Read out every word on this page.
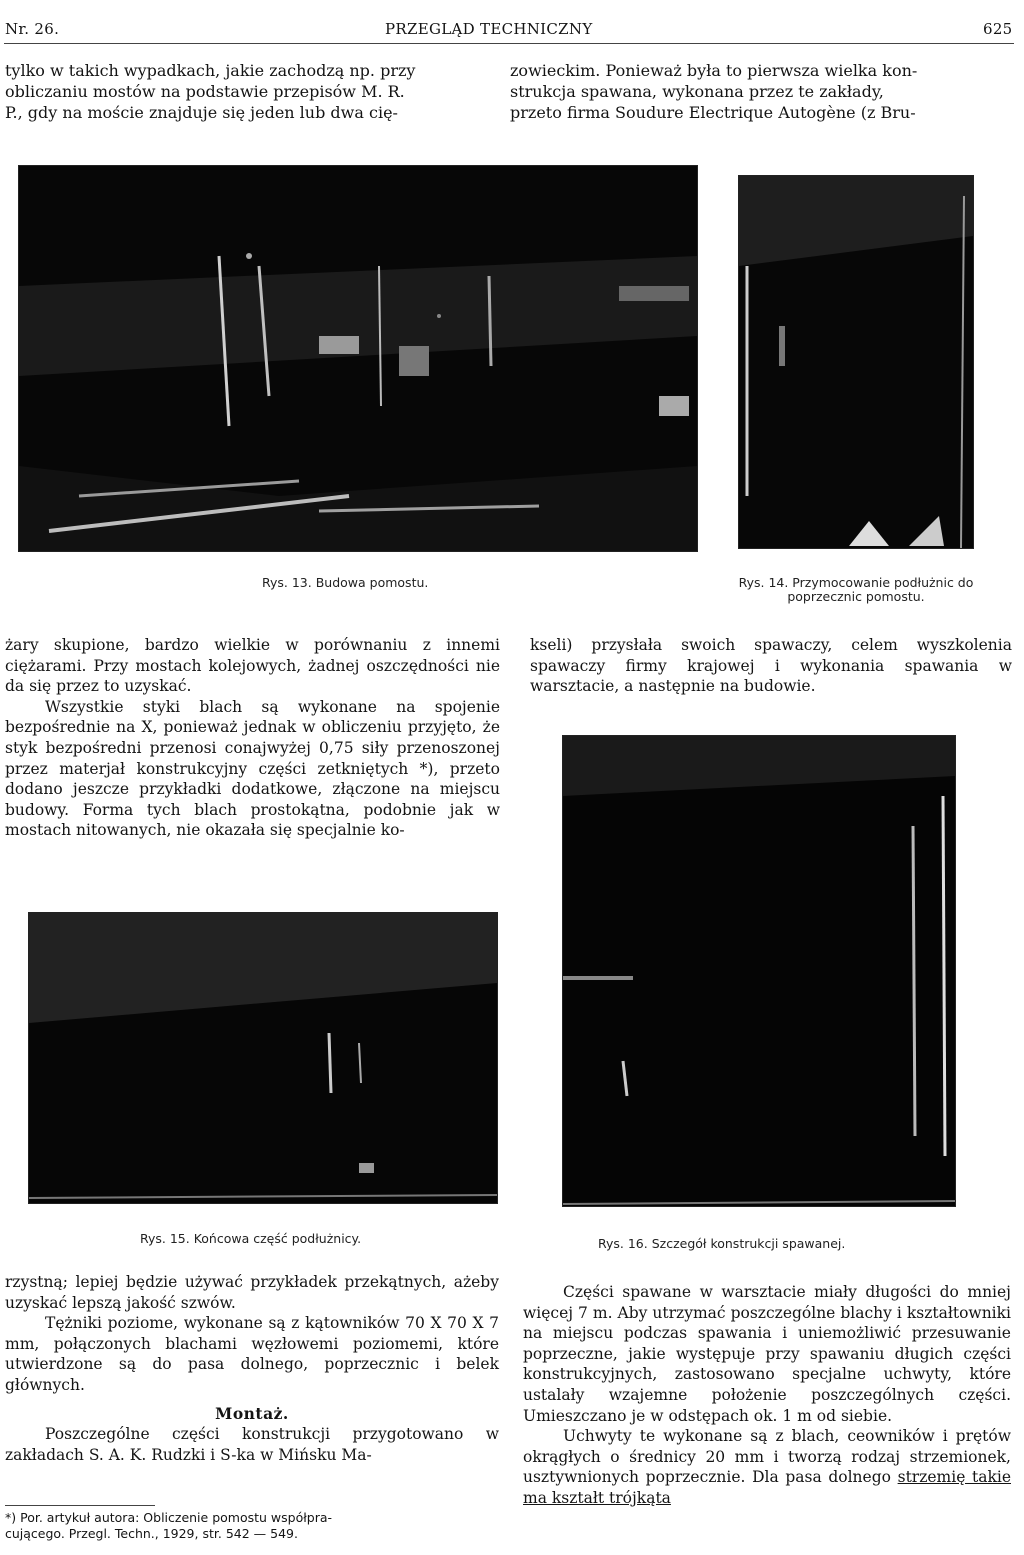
Nr. 26.	PRZEGLĄD TECHNICZNY	625
tylko w takich wypadkach, jakie zachodzą np. przy
obliczaniu mostów na podstawie przepisów M. R.
P., gdy na moście znajduje się jeden lub dwa cię-
zowieckim. Ponieważ była to pierwsza wielka kon-
strukcja spawana, wykonana przez te zakłady,
przeto firma Soudure Electrique Autogène (z Bru-
Rys. 13. Budowa pomostu.	Rys. 14. Przymocowanie podłużnic do poprzecznic pomostu.

żary skupione, bardzo wielkie w porównaniu z innemi ciężarami. Przy mostach kolejowych, żadnej oszczędności nie da się przez to uzyskać.

Wszystkie styki blach są wykonane na spojenie bezpośrednie na X, ponieważ jednak w obliczeniu przyjęto, że styk bezpośredni przenosi conajwyżej 0,75 siły przenoszonej przez materjał konstrukcyjny części zetkniętych *), przeto dodano jeszcze przykładki dodatkowe, złączone na miejscu budowy. Forma tych blach prostokątna, podobnie jak w mostach nitowanych, nie okazała się specjalnie ko-

kseli) przysłała swoich spawaczy, celem wyszkolenia spawaczy firmy krajowej i wykonania spawania w warsztacie, a następnie na budowie.

Rys. 15. Końcowa część podłużnicy.	Rys. 16. Szczegół konstrukcji spawanej.

rzystną; lepiej będzie używać przykładek przekątnych, ażeby uzyskać lepszą jakość szwów.

Tężniki poziome, wykonane są z kątowników 70 X 70 X 7 mm, połączonych blachami węzłowemi poziomemi, które utwierdzone są do pasa dolnego, poprzecznic i belek głównych.

Montaż.

Poszczególne części konstrukcji przygotowano w zakładach S. A. K. Rudzki i S-ka w Mińsku Ma-

Części spawane w warsztacie miały długości do mniej więcej 7 m. Aby utrzymać poszczególne blachy i kształtowniki na miejscu podczas spawania i uniemożliwić przesuwanie poprzeczne, jakie występuje przy spawaniu długich części konstrukcyjnych, zastosowano specjalne uchwyty, które ustalały wzajemne położenie poszczególnych części. Umieszczano je w odstępach ok. 1 m od siebie.

Uchwyty te wykonane są z blach, ceowników i prętów okrągłych o średnicy 20 mm i tworzą rodzaj strzemionek, usztywnionych poprzecznie. Dla pasa dolnego strzemię takie ma kształt trójkąta

*) Por. artykuł autora: Obliczenie pomostu współpra-
cującego. Przegl. Techn., 1929, str. 542 — 549.
